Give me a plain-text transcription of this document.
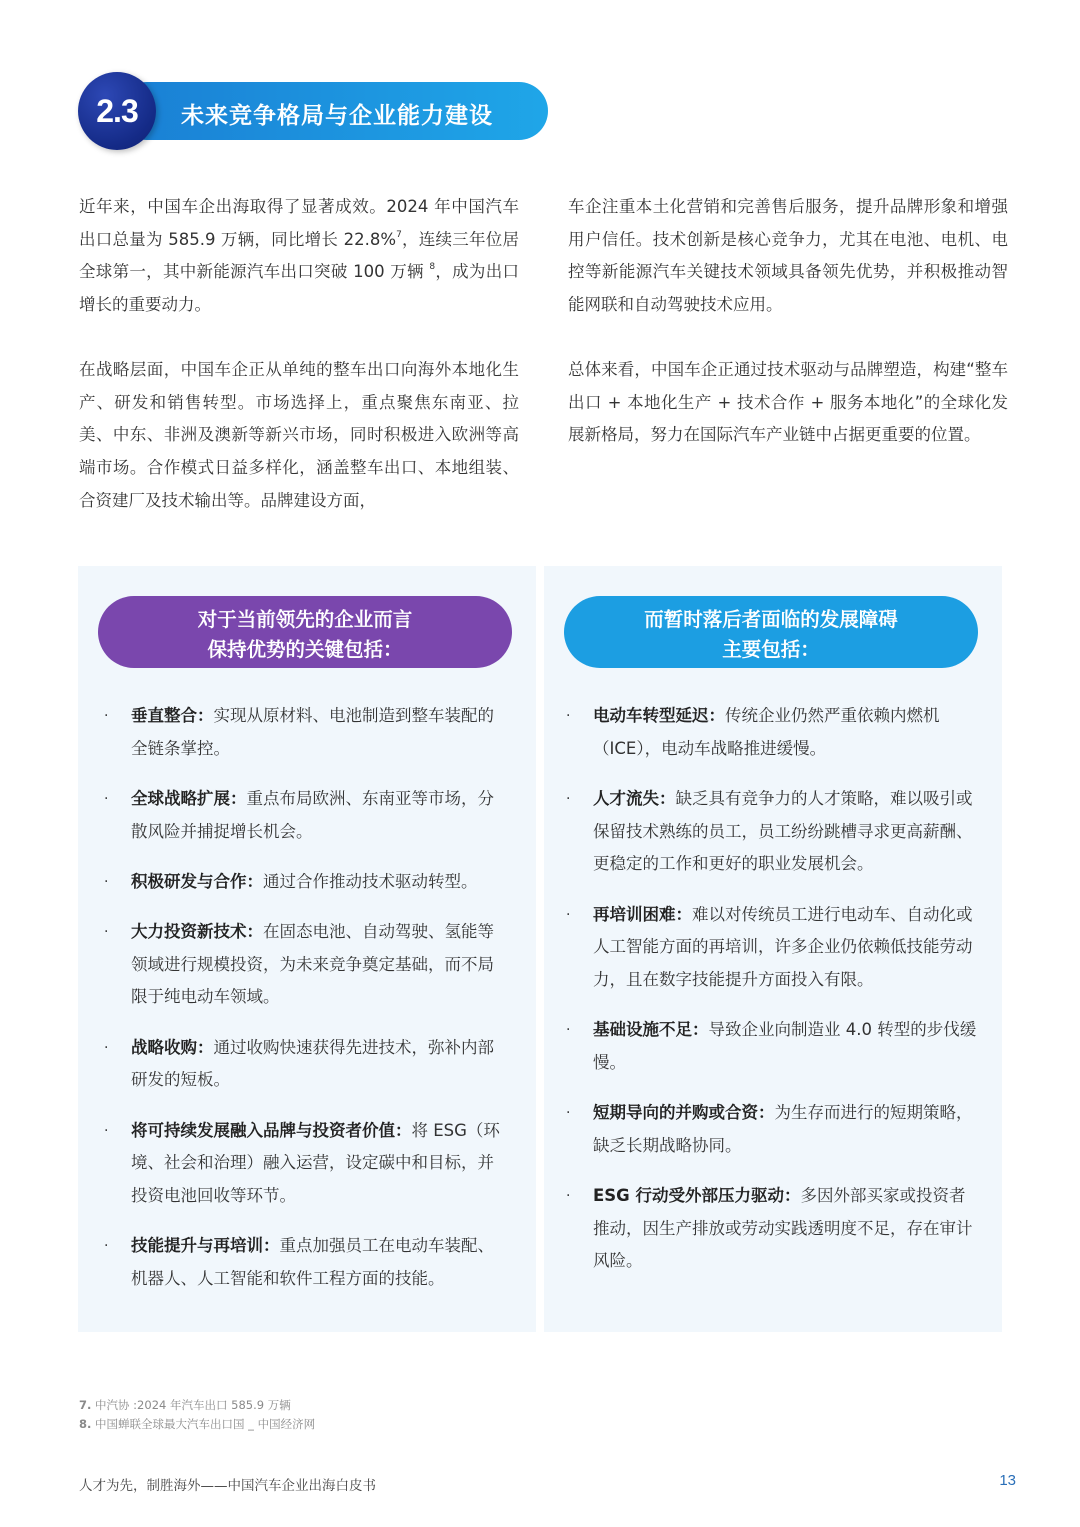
2.3 未来竞争格局与企业能力建设

近年来，中国车企出海取得了显著成效。2024 年中国汽车出口总量为 585.9 万辆，同比增长 22.8%$^7$，连续三年位居全球第一，其中新能源汽车出口突破 100 万辆 $^8$，成为出口增长的重要动力。

在战略层面，中国车企正从单纯的整车出口向海外本地化生产、研发和销售转型。市场选择上，重点聚焦东南亚、拉美、中东、非洲及澳新等新兴市场，同时积极进入欧洲等高端市场。合作模式日益多样化，涵盖整车出口、本地组装、合资建厂及技术输出等。品牌建设方面，

车企注重本土化营销和完善售后服务，提升品牌形象和增强用户信任。技术创新是核心竞争力，尤其在电池、电机、电控等新能源汽车关键技术领域具备领先优势，并积极推动智能网联和自动驾驶技术应用。

总体来看，中国车企正通过技术驱动与品牌塑造，构建“整车出口 + 本地化生产 + 技术合作 + 服务本地化”的全球化发展新格局，努力在国际汽车产业链中占据更重要的位置。

对于当前领先的企业而言
保持优势的关键包括：
· 垂直整合：实现从原材料、电池制造到整车装配的全链条掌控。
· 全球战略扩展：重点布局欧洲、东南亚等市场，分散风险并捕捉增长机会。
· 积极研发与合作：通过合作推动技术驱动转型。
· 大力投资新技术：在固态电池、自动驾驶、氢能等领域进行规模投资，为未来竞争奠定基础，而不局限于纯电动车领域。
· 战略收购：通过收购快速获得先进技术，弥补内部研发的短板。
· 将可持续发展融入品牌与投资者价值：将 ESG（环境、社会和治理）融入运营，设定碳中和目标，并投资电池回收等环节。
· 技能提升与再培训：重点加强员工在电动车装配、机器人、人工智能和软件工程方面的技能。
而暂时落后者面临的发展障碍
主要包括：
· 电动车转型延迟：传统企业仍然严重依赖内燃机（ICE），电动车战略推进缓慢。
· 人才流失：缺乏具有竞争力的人才策略，难以吸引或保留技术熟练的员工，员工纷纷跳槽寻求更高薪酬、更稳定的工作和更好的职业发展机会。
· 再培训困难：难以对传统员工进行电动车、自动化或人工智能方面的再培训，许多企业仍依赖低技能劳动力，且在数字技能提升方面投入有限。
· 基础设施不足：导致企业向制造业 4.0 转型的步伐缓慢。
· 短期导向的并购或合资：为生存而进行的短期策略，缺乏长期战略协同。
· ESG 行动受外部压力驱动：多因外部买家或投资者推动，因生产排放或劳动实践透明度不足，存在审计风险。
7. 中汽协 :2024 年汽车出口 585.9 万辆
8. 中国蝉联全球最大汽车出口国 _ 中国经济网
人才为先，制胜海外——中国汽车企业出海白皮书	13
